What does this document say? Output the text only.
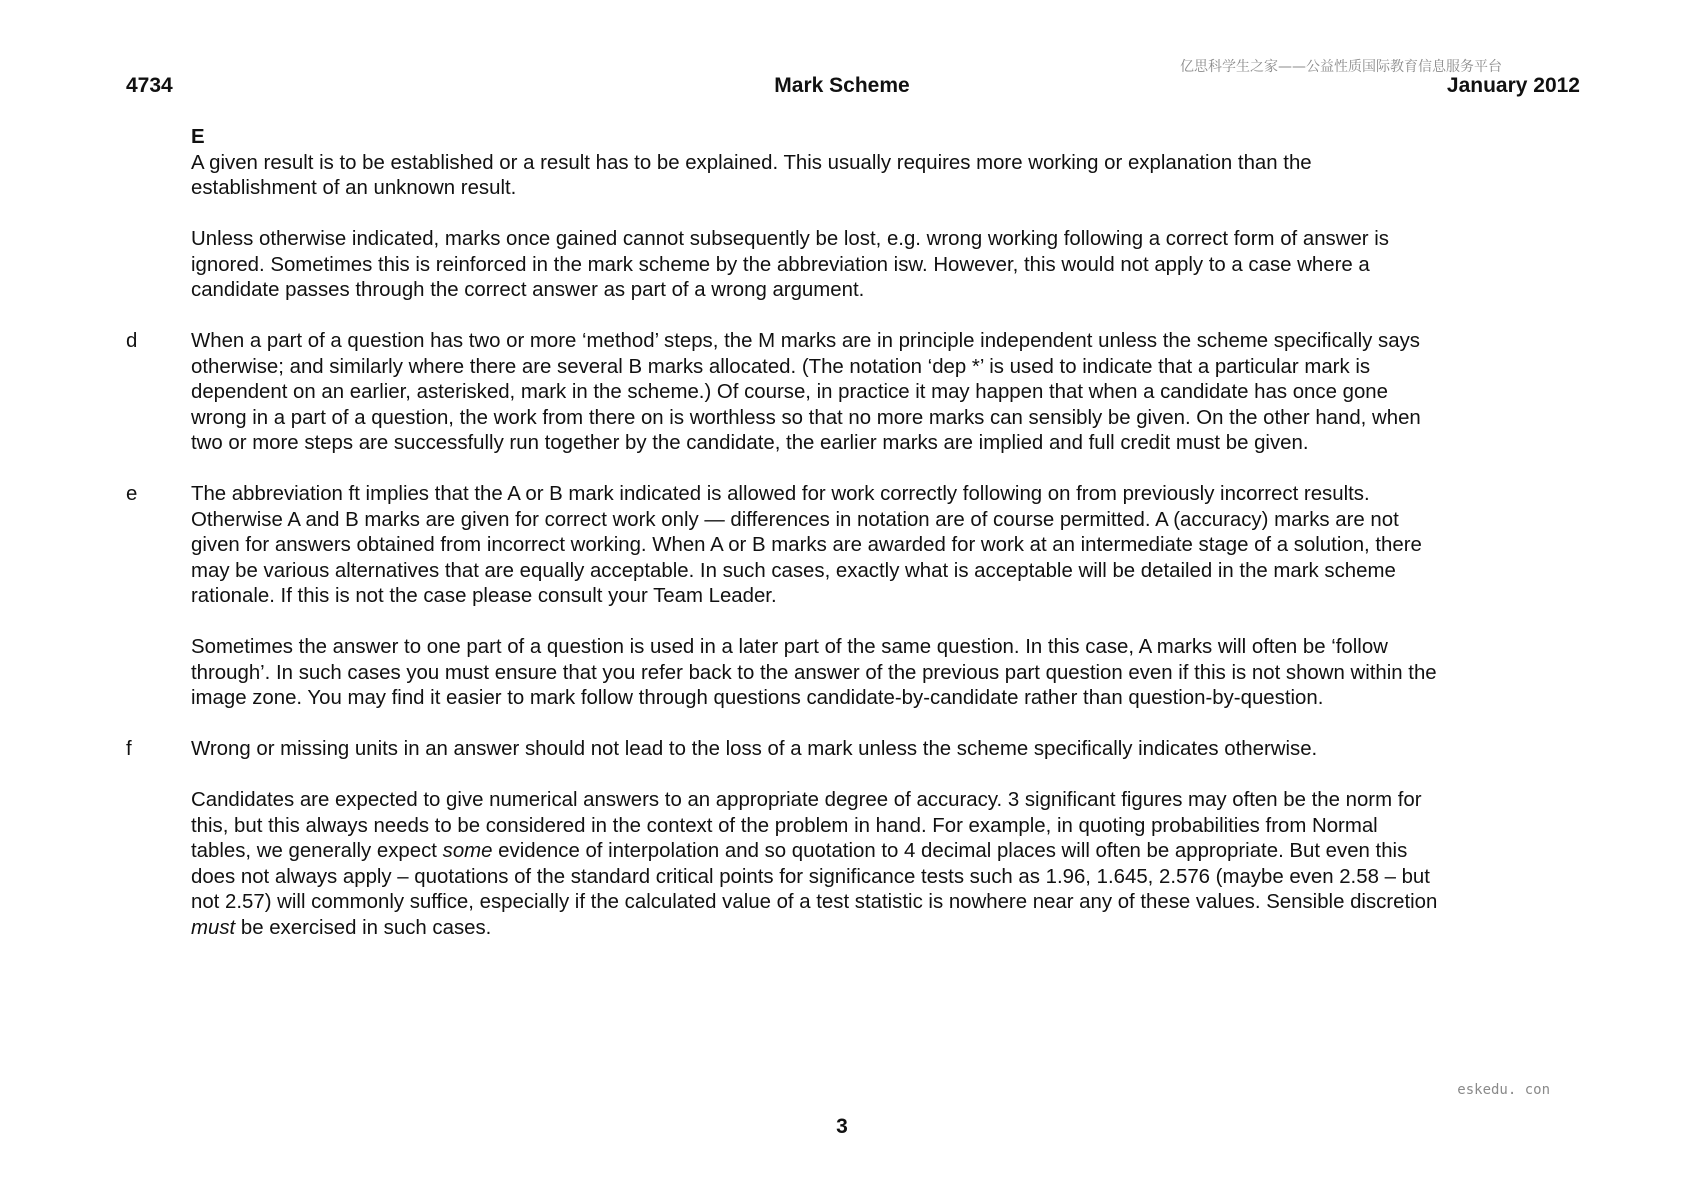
亿思科学生之家——公益性质国际教育信息服务平台
4734	Mark Scheme	January 2012
E

A given result is to be established or a result has to be explained. This usually requires more working or explanation than the establishment of an unknown result.

Unless otherwise indicated, marks once gained cannot subsequently be lost, e.g. wrong working following a correct form of answer is ignored. Sometimes this is reinforced in the mark scheme by the abbreviation isw. However, this would not apply to a case where a candidate passes through the correct answer as part of a wrong argument.

d	When a part of a question has two or more ‘method’ steps, the M marks are in principle independent unless the scheme specifically says otherwise; and similarly where there are several B marks allocated. (The notation ‘dep *’ is used to indicate that a particular mark is dependent on an earlier, asterisked, mark in the scheme.) Of course, in practice it may happen that when a candidate has once gone wrong in a part of a question, the work from there on is worthless so that no more marks can sensibly be given. On the other hand, when two or more steps are successfully run together by the candidate, the earlier marks are implied and full credit must be given.

e	The abbreviation ft implies that the A or B mark indicated is allowed for work correctly following on from previously incorrect results. Otherwise A and B marks are given for correct work only — differences in notation are of course permitted. A (accuracy) marks are not given for answers obtained from incorrect working. When A or B marks are awarded for work at an intermediate stage of a solution, there may be various alternatives that are equally acceptable. In such cases, exactly what is acceptable will be detailed in the mark scheme rationale. If this is not the case please consult your Team Leader.

Sometimes the answer to one part of a question is used in a later part of the same question. In this case, A marks will often be ‘follow through’. In such cases you must ensure that you refer back to the answer of the previous part question even if this is not shown within the image zone. You may find it easier to mark follow through questions candidate-by-candidate rather than question-by-question.

f	Wrong or missing units in an answer should not lead to the loss of a mark unless the scheme specifically indicates otherwise.

Candidates are expected to give numerical answers to an appropriate degree of accuracy. 3 significant figures may often be the norm for this, but this always needs to be considered in the context of the problem in hand. For example, in quoting probabilities from Normal tables, we generally expect some evidence of interpolation and so quotation to 4 decimal places will often be appropriate. But even this does not always apply – quotations of the standard critical points for significance tests such as 1.96, 1.645, 2.576 (maybe even 2.58 – but not 2.57) will commonly suffice, especially if the calculated value of a test statistic is nowhere near any of these values. Sensible discretion must be exercised in such cases.

eskedu. con
3
